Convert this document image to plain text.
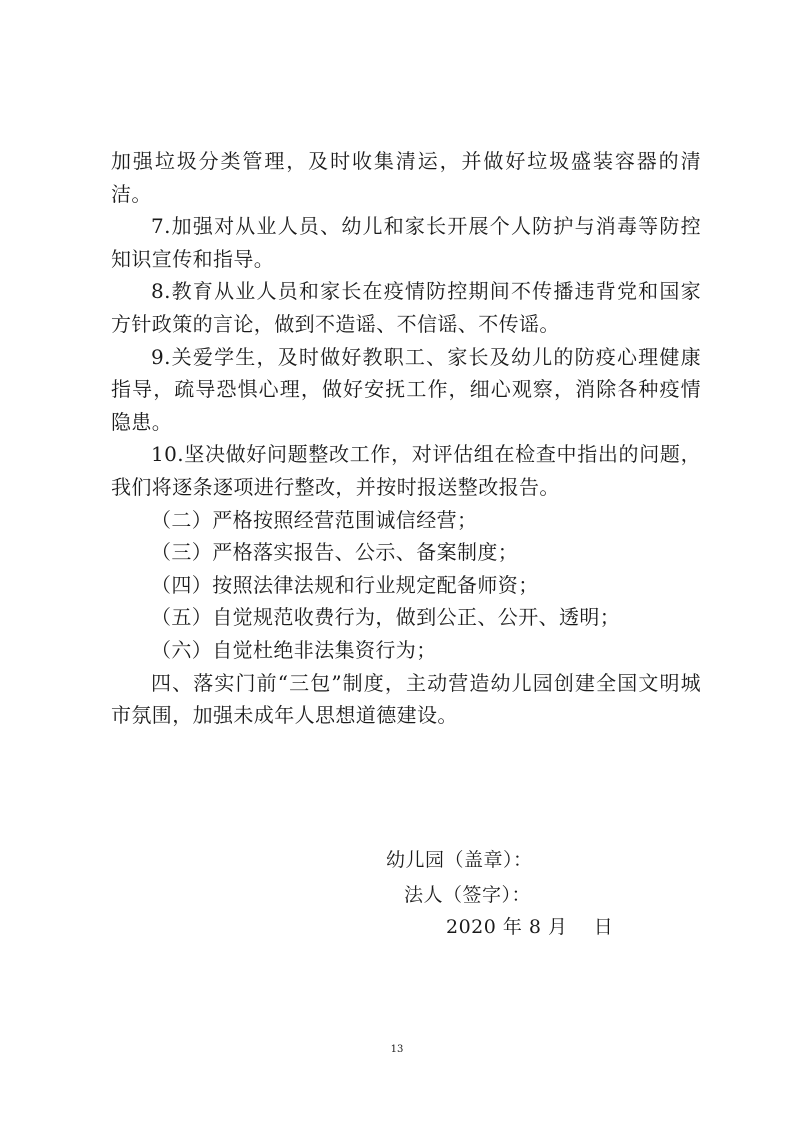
加强垃圾分类管理，及时收集清运，并做好垃圾盛装容器的清洁。

7.加强对从业人员、幼儿和家长开展个人防护与消毒等防控知识宣传和指导。

8.教育从业人员和家长在疫情防控期间不传播违背党和国家方针政策的言论，做到不造谣、不信谣、不传谣。

9.关爱学生，及时做好教职工、家长及幼儿的防疫心理健康指导，疏导恐惧心理，做好安抚工作，细心观察，消除各种疫情隐患。

10.坚决做好问题整改工作，对评估组在检查中指出的问题，我们将逐条逐项进行整改，并按时报送整改报告。

（二）严格按照经营范围诚信经营；

（三）严格落实报告、公示、备案制度；

（四）按照法律法规和行业规定配备师资；

（五）自觉规范收费行为，做到公正、公开、透明；

（六）自觉杜绝非法集资行为；

四、落实门前“三包”制度，主动营造幼儿园创建全国文明城市氛围，加强未成年人思想道德建设。

幼儿园（盖章）：
法人（签字）：
2020 年 8 月    日
13
